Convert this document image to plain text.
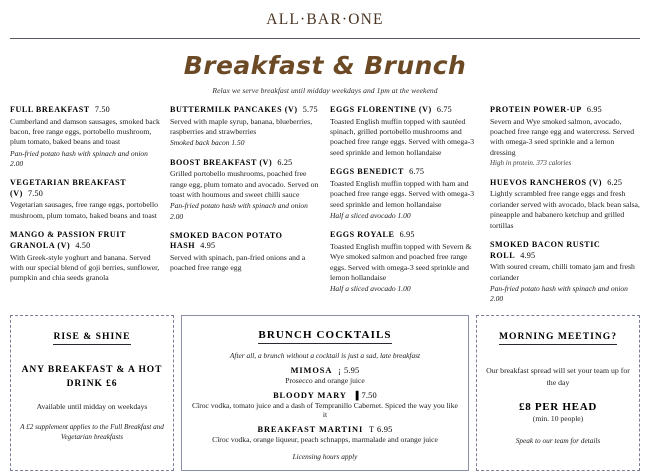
ALL·BAR·ONE
Breakfast & Brunch
Relax we serve breakfast until midday weekdays and 1pm at the weekend
FULL BREAKFAST 7.50
Cumberland and damson sausages, smoked back bacon, free range eggs, portobello mushroom, plum tomato, baked beans and toast
Pan-fried potato hash with spinach and onion 2.00
VEGETARIAN BREAKFAST (V) 7.50
Vegetarian sausages, free range eggs, portobello mushroom, plum tomato, baked beans and toast
MANGO & PASSION FRUIT GRANOLA (V) 4.50
With Greek-style yoghurt and banana. Served with our special blend of goji berries, sunflower, pumpkin and chia seeds granola
BUTTERMILK PANCAKES (V) 5.75
Served with maple syrup, banana, blueberries, raspberries and strawberries
Smoked back bacon 1.50
BOOST BREAKFAST (V) 6.25
Grilled portobello mushrooms, poached free range egg, plum tomato and avocado. Served on toast with houmous and sweet chilli sauce
Pan-fried potato hash with spinach and onion 2.00
SMOKED BACON POTATO HASH 4.95
Served with spinach, pan-fried onions and a poached free range egg
EGGS FLORENTINE (V) 6.75
Toasted English muffin topped with sautéed spinach, grilled portobello mushrooms and poached free range eggs. Served with omega-3 seed sprinkle and lemon hollandaise
EGGS BENEDICT 6.75
Toasted English muffin topped with ham and poached free range eggs. Served with omega-3 seed sprinkle and lemon hollandaise
Half a sliced avocado 1.00
EGGS ROYALE 6.95
Toasted English muffin topped with Severn & Wye smoked salmon and poached free range eggs. Served with omega-3 seed sprinkle and lemon hollandaise
Half a sliced avocado 1.00
PROTEIN POWER-UP 6.95
Severn and Wye smoked salmon, avocado, poached free range egg and watercress. Served with omega-3 seed sprinkle and a lemon dressing
High in protein. 373 calories
HUEVOS RANCHEROS (V) 6.25
Lightly scrambled free range eggs and fresh coriander served with avocado, black bean salsa, pineapple and habanero ketchup and grilled tortillas
SMOKED BACON RUSTIC ROLL 4.95
With soured cream, chilli tomato jam and fresh coriander
Pan-fried potato hash with spinach and onion 2.00
RISE & SHINE
ANY BREAKFAST & A HOT DRINK £6
Available until midday on weekdays
A £2 supplement applies to the Full Breakfast and Vegetarian breakfasts
BRUNCH COCKTAILS
After all, a brunch without a cocktail is just a sad, late breakfast
MIMOSA ¡ 5.95
Prosecco and orange juice
BLOODY MARY ▐ 7.50
Cîroc vodka, tomato juice and a dash of Tempranillo Cabernet. Spiced the way you like it
BREAKFAST MARTINI T 6.95
Cîroc vodka, orange liqueur, peach schnapps, marmalade and orange juice
Licensing hours apply
MORNING MEETING?
Our breakfast spread will set your team up for the day
£8 PER HEAD
(min. 10 people)
Speak to our team for details
